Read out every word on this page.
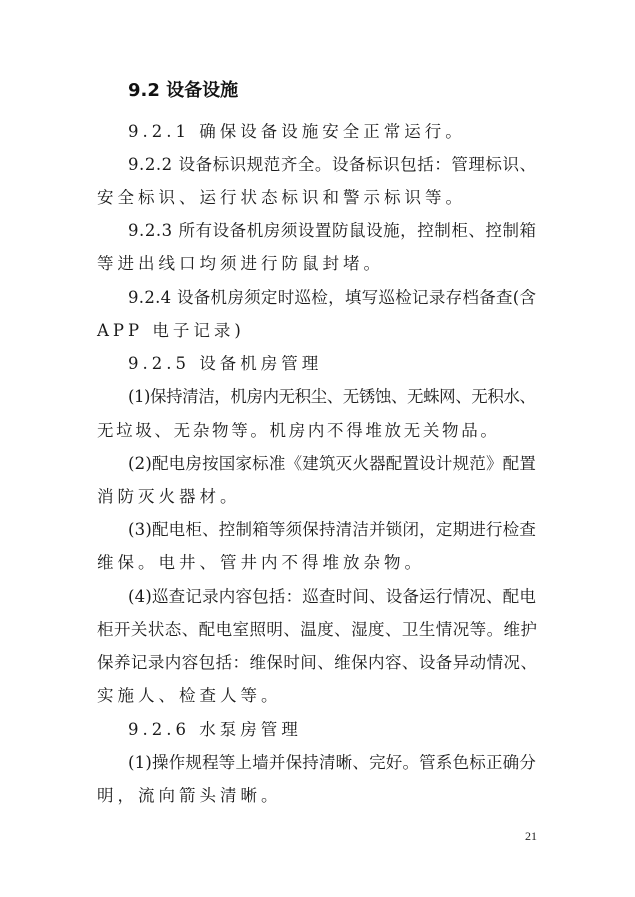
9.2 设备设施
9.2.1 确保设备设施安全正常运行。
9.2.2 设备标识规范齐全。设备标识包括：管理标识、
安全标识、运行状态标识和警示标识等。
9.2.3 所有设备机房须设置防鼠设施，控制柜、控制箱
等进出线口均须进行防鼠封堵。
9.2.4 设备机房须定时巡检，填写巡检记录存档备查(含
APP 电子记录)
9.2.5 设备机房管理
(1)保持清洁，机房内无积尘、无锈蚀、无蛛网、无积水、
无垃圾、无杂物等。机房内不得堆放无关物品。
(2)配电房按国家标准《建筑灭火器配置设计规范》配置
消防灭火器材。
(3)配电柜、控制箱等须保持清洁并锁闭，定期进行检查
维保。电井、管井内不得堆放杂物。
(4)巡查记录内容包括：巡查时间、设备运行情况、配电
柜开关状态、配电室照明、温度、湿度、卫生情况等。维护
保养记录内容包括：维保时间、维保内容、设备异动情况、
实施人、检查人等。
9.2.6 水泵房管理
(1)操作规程等上墙并保持清晰、完好。管系色标正确分
明，流向箭头清晰。
21
